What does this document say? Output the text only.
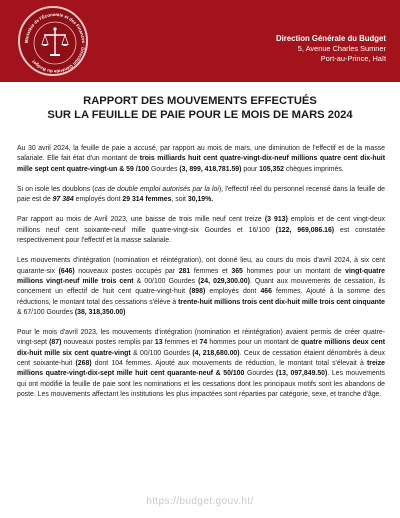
Ministère de l'Économie et des Finances · Direction Générale du Budget
Direction Générale du Budget
5, Avenue Charles Sumner
Port-au-Prince, Haït
RAPPORT DES MOUVEMENTS EFFECTUÉS
SUR LA FEUILLE DE PAIE POUR LE MOIS DE MARS 2024

Au 30 avril 2024, la feuille de paie a accusé, par rapport au mois de mars, une diminution de l'effectif et de la masse salariale. Elle fait état d'un montant de trois milliards huit cent quatre-vingt-dix-neuf millions quatre cent dix-huit mille sept cent quatre-vingt-un & 59 /100 Gourdes (3, 899, 418,781.59) pour 105,352 chèques imprimés.

Si on isole les doublons (cas de double emploi autorisés par la loi), l'effectif réel du personnel recensé dans la feuille de paie est de 97 384 employés dont 29 314 femmes, soit 30,19%.

Par rapport au mois de Avril 2023, une baisse de trois mille neuf cent treize (3 913) emplois et de cent vingt-deux millions neuf cent soixante-neuf mille quatre-vingt-six Gourdes et 16/100 (122, 969,086.16) est constatée respectivement pour l'effectif et la masse salariale.

Les mouvements d'intégration (nomination et réintégration), ont donné lieu, au cours du mois d'avril 2024, à six cent quarante-six (646) nouveaux postes occupés par 281 femmes et 365 hommes pour un montant de vingt-quatre millions vingt-neuf mille trois cent & 00/100 Gourdes (24, 029,300.00). Quant aux mouvements de cessation, ils concernent un effectif de huit cent quatre-vingt-huit (898) employés dont 466 femmes. Ajouté à la somme des réductions, le montant total des cessations s'élève à trente-huit millions trois cent dix-huit mille trois cent cinquante & 67/100 Gourdes (38, 318,350.00)

Pour le mois d'avril 2023, les mouvements d'intégration (nomination et réintégration) avaient permis de créer quatre-vingt-sept (87) nouveaux postes remplis par 13 femmes et 74 hommes pour un montant de quatre millions deux cent dix-huit mille six cent quatre-vingt & 00/100 Gourdes (4, 218,680.00). Ceux de cessation étaient dénombrés à deux cent soixante-huit (268) dont 104 femmes. Ajouté aux mouvements de réduction, le montant total s'élevait à treize millions quatre-vingt-dix-sept mille huit cent quarante-neuf & 50/100 Gourdes (13, 097,849.50). Les mouvements qui ont modifié la feuille de paie sont les nominations et les cessations dont les principaux motifs sont les abandons de poste. Les mouvements affectant les institutions les plus impactées sont réparties par catégorie, sexe, et tranche d'âge.

https://budget.gouv.ht/
